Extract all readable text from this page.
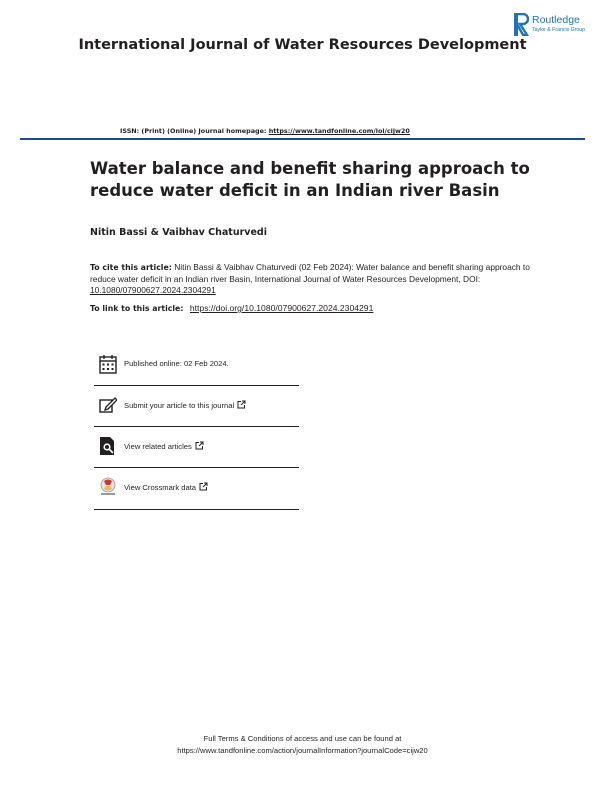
International Journal of Water Resources Development
Routledge
Taylor & Francis Group
ISSN: (Print) (Online) Journal homepage: https://www.tandfonline.com/loi/cijw20
Water balance and benefit sharing approach to reduce water deficit in an Indian river Basin
Nitin Bassi & Vaibhav Chaturvedi
To cite this article: Nitin Bassi & Vaibhav Chaturvedi (02 Feb 2024): Water balance and benefit sharing approach to reduce water deficit in an Indian river Basin, International Journal of Water Resources Development, DOI: 10.1080/07900627.2024.2304291
To link to this article: https://doi.org/10.1080/07900627.2024.2304291
Published online: 02 Feb 2024.
Submit your article to this journal
View related articles
View Crossmark data
Full Terms & Conditions of access and use can be found at
https://www.tandfonline.com/action/journalInformation?journalCode=cijw20
